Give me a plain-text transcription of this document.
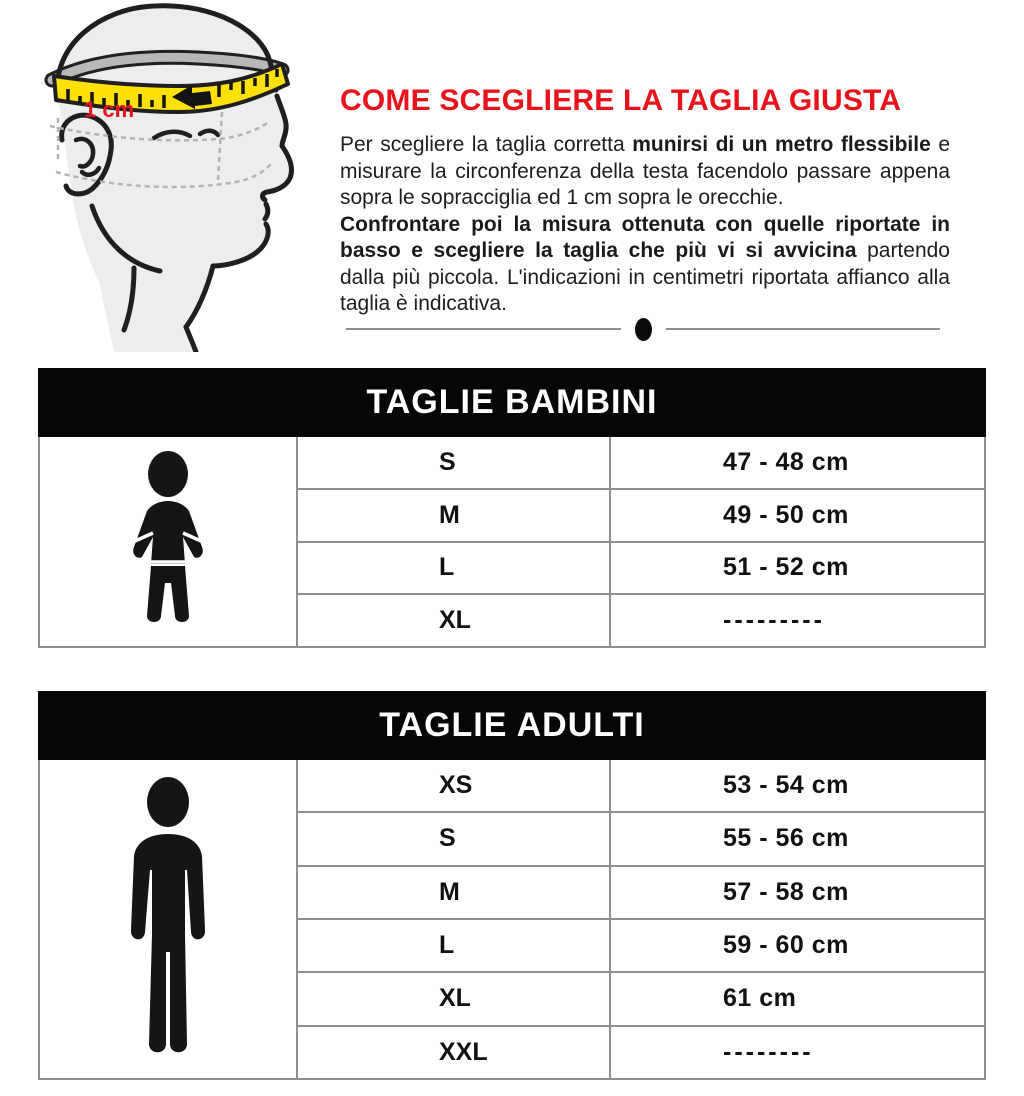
1 cm	COME SCEGLIERE LA TAGLIA GIUSTA

Per scegliere la taglia corretta munirsi di un metro flessibile e misurare la circonferenza della testa facendolo passare appena sopra le sopracciglia ed 1 cm sopra le orecchie.
Confrontare poi la misura ottenuta con quelle riportate in basso e scegliere la taglia che più vi si avvicina partendo dalla più piccola. L'indicazioni in centimetri riportata affianco alla taglia è indicativa.

TAGLIE BAMBINI
S	47 - 48 cm
M	49 - 50 cm
L	51 - 52 cm
XL	---------
TAGLIE ADULTI
XS	53 - 54 cm
S	55 - 56 cm
M	57 - 58 cm
L	59 - 60 cm
XL	61 cm
XXL	--------
